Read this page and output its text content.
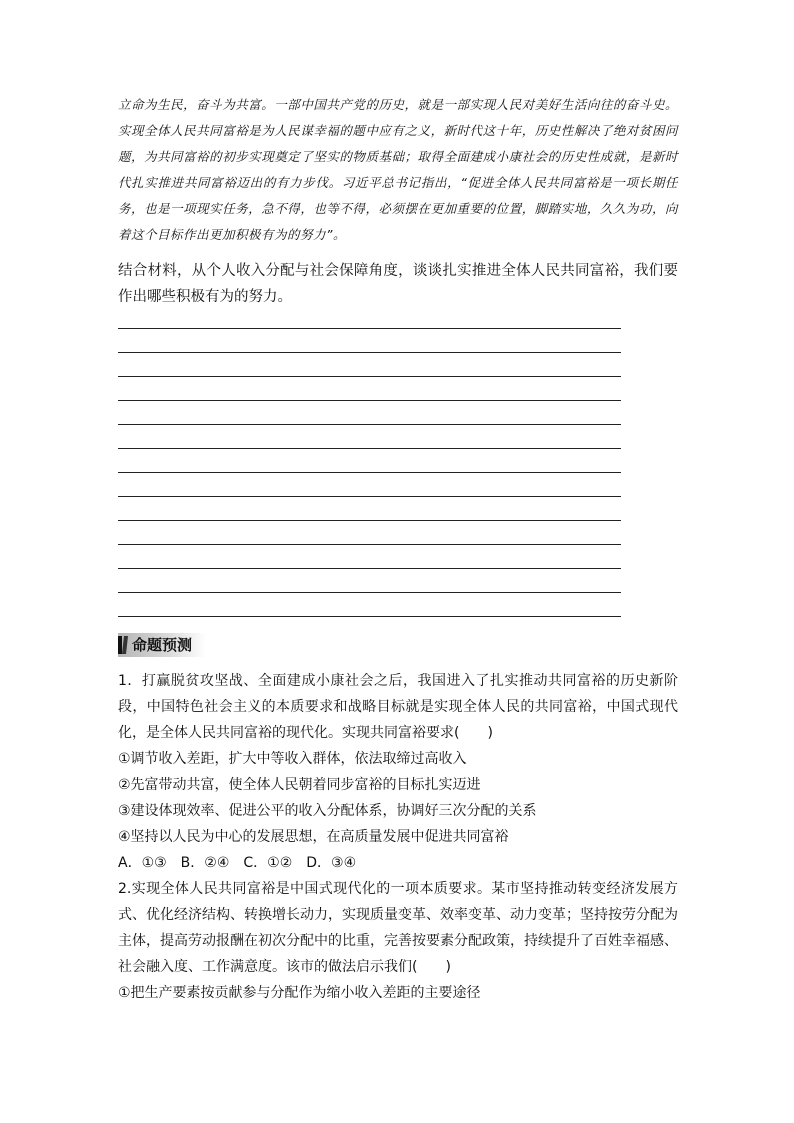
立命为生民，奋斗为共富。一部中国共产党的历史，就是一部实现人民对美好生活向往的奋斗史。实现全体人民共同富裕是为人民谋幸福的题中应有之义，新时代这十年，历史性解决了绝对贫困问题，为共同富裕的初步实现奠定了坚实的物质基础；取得全面建成小康社会的历史性成就，是新时代扎实推进共同富裕迈出的有力步伐。习近平总书记指出，“促进全体人民共同富裕是一项长期任务，也是一项现实任务，急不得，也等不得，必须摆在更加重要的位置，脚踏实地，久久为功，向着这个目标作出更加积极有为的努力”。
结合材料，从个人收入分配与社会保障角度，谈谈扎实推进全体人民共同富裕，我们要作出哪些积极有为的努力。
命题预测
1．打赢脱贫攻坚战、全面建成小康社会之后，我国进入了扎实推动共同富裕的历史新阶段，中国特色社会主义的本质要求和战略目标就是实现全体人民的共同富裕，中国式现代化，是全体人民共同富裕的现代化。实现共同富裕要求(　　)
①调节收入差距，扩大中等收入群体，依法取缔过高收入
②先富带动共富，使全体人民朝着同步富裕的目标扎实迈进
③建设体现效率、促进公平的收入分配体系，协调好三次分配的关系
④坚持以人民为中心的发展思想，在高质量发展中促进共同富裕
A．①③　B．②④　C．①②　D．③④
2.实现全体人民共同富裕是中国式现代化的一项本质要求。某市坚持推动转变经济发展方式、优化经济结构、转换增长动力，实现质量变革、效率变革、动力变革；坚持按劳分配为主体，提高劳动报酬在初次分配中的比重，完善按要素分配政策，持续提升了百姓幸福感、社会融入度、工作满意度。该市的做法启示我们(　　)
①把生产要素按贡献参与分配作为缩小收入差距的主要途径
